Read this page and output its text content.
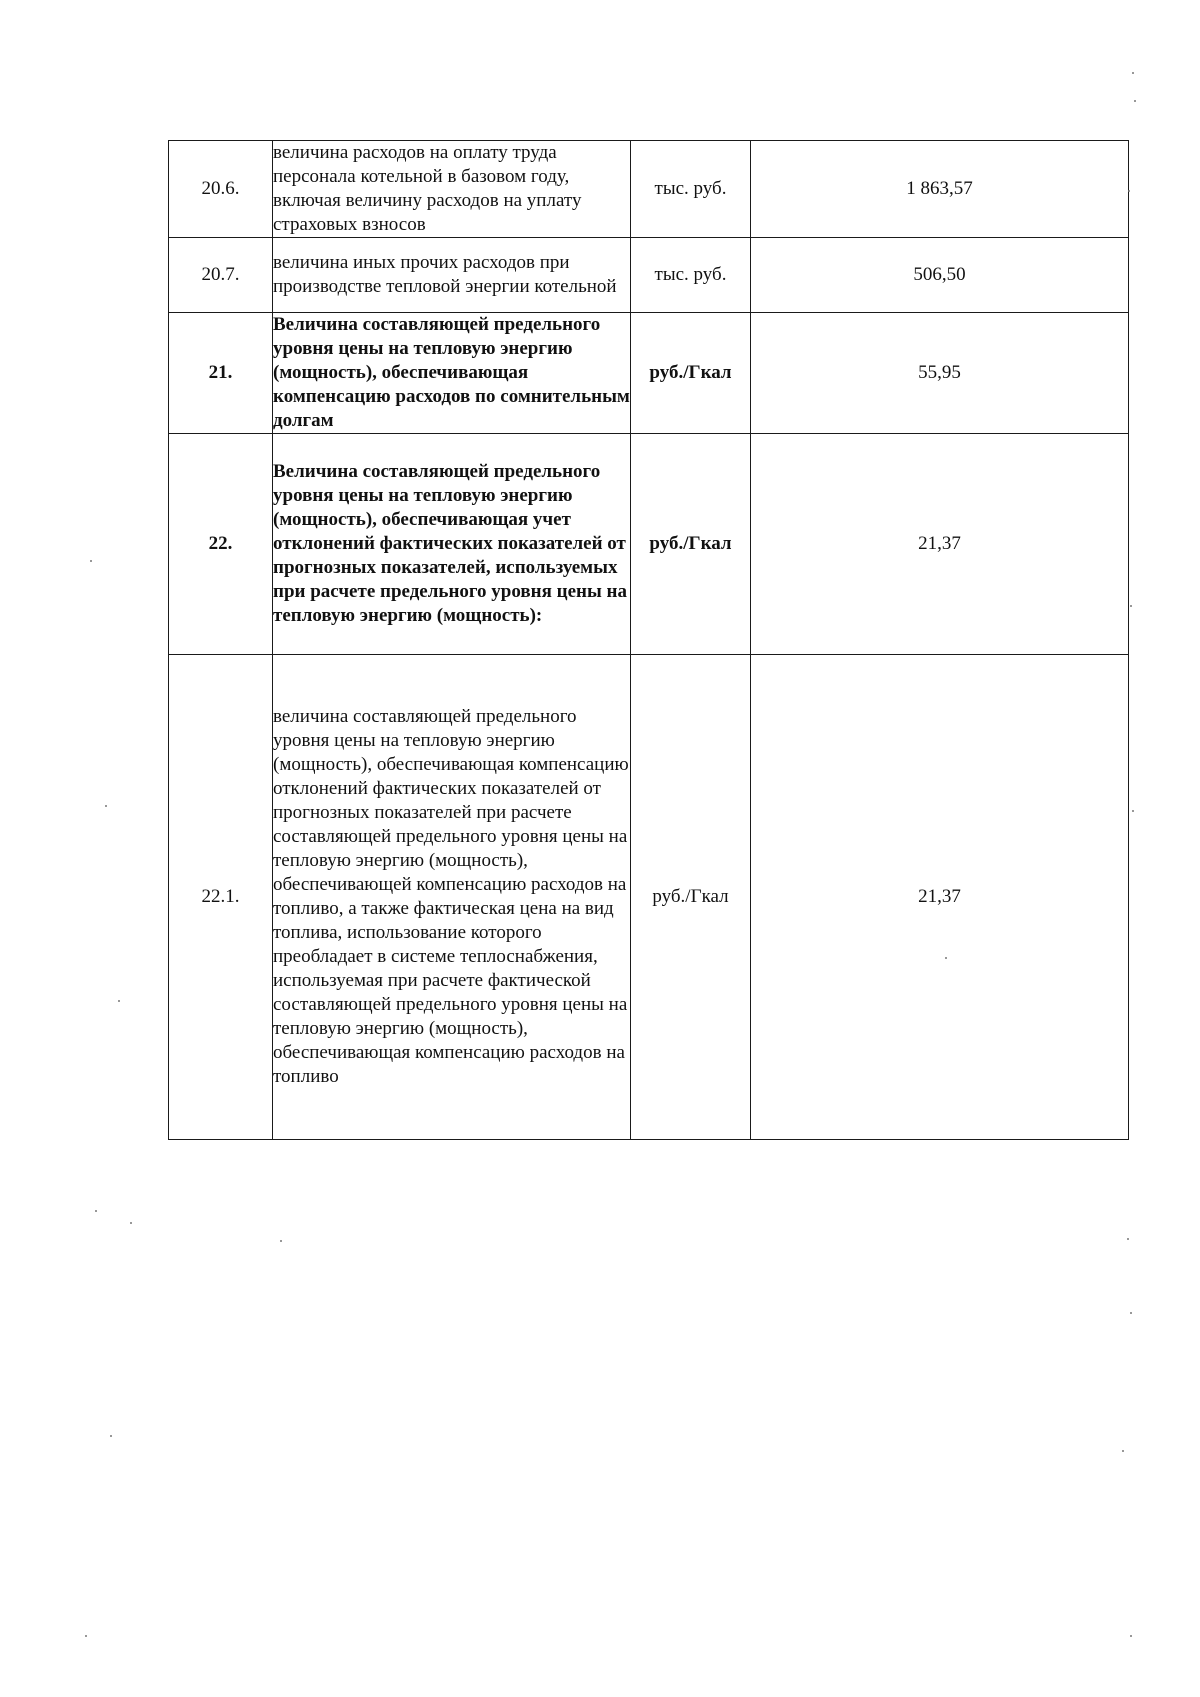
20.6.	величина расходов на оплату труда персонала котельной в базовом году, включая величину расходов на уплату страховых взносов	тыс. руб.	1 863,57
20.7.	величина иных прочих расходов при производстве тепловой энергии котельной	тыс. руб.	506,50
21.	Величина составляющей предельного уровня цены на тепловую энергию (мощность), обеспечивающая компенсацию расходов по сомнительным долгам	руб./Гкал	55,95
22.	Величина составляющей предельного уровня цены на тепловую энергию (мощность), обеспечивающая учет отклонений фактических показателей от прогнозных показателей, используемых при расчете предельного уровня цены на тепловую энергию (мощность):	руб./Гкал	21,37
22.1.	величина составляющей предельного уровня цены на тепловую энергию (мощность), обеспечивающая компенсацию отклонений фактических показателей от прогнозных показателей при расчете составляющей предельного уровня цены на тепловую энергию (мощность), обеспечивающей компенсацию расходов на топливо, а также фактическая цена на вид топлива, использование которого преобладает в системе теплоснабжения, используемая при расчете фактической составляющей предельного уровня цены на тепловую энергию (мощность), обеспечивающая компенсацию расходов на топливо	руб./Гкал	21,37
